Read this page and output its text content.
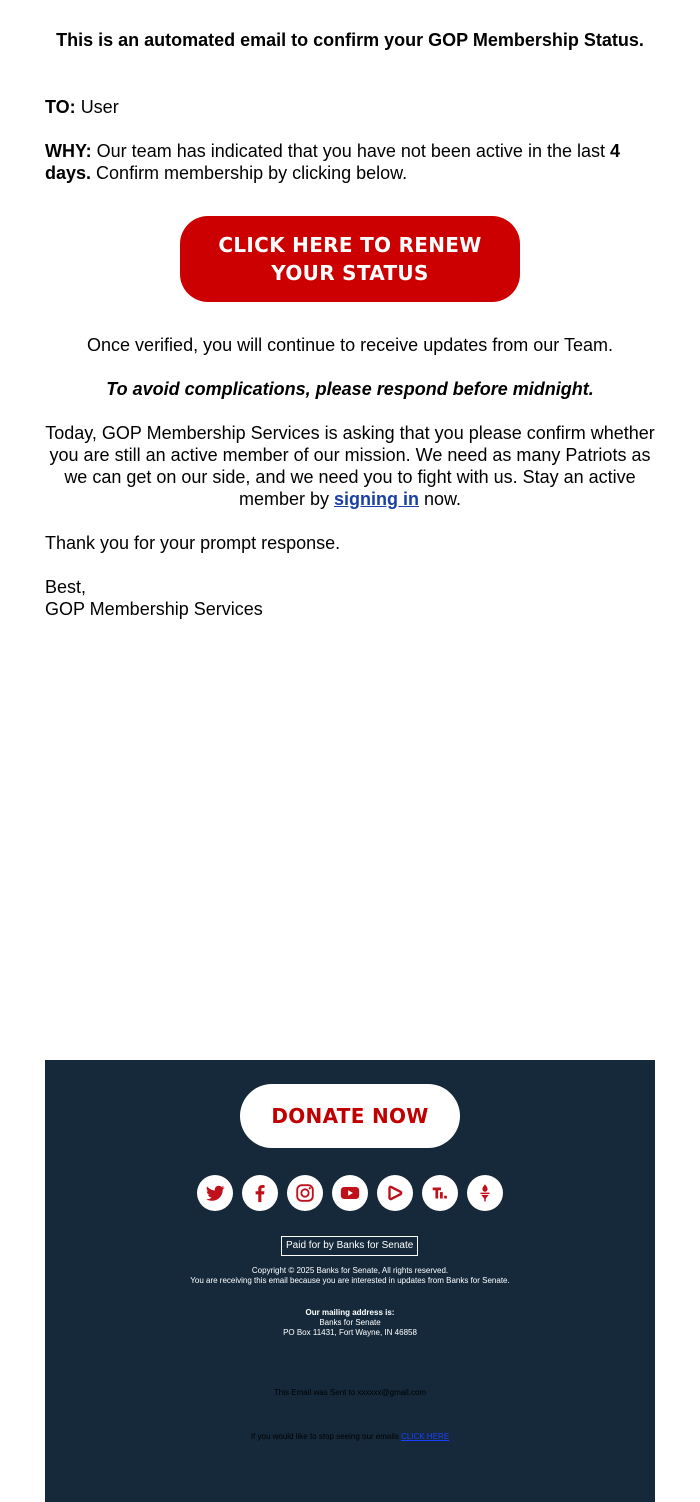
This is an automated email to confirm your GOP Membership Status.
TO: User
WHY: Our team has indicated that you have not been active in the last 4 days. Confirm membership by clicking below.
CLICK HERE TO RENEW YOUR STATUS
Once verified, you will continue to receive updates from our Team.
To avoid complications, please respond before midnight.
Today, GOP Membership Services is asking that you please confirm whether
you are still an active member of our mission. We need as many Patriots as
we can get on our side, and we need you to fight with us. Stay an active
member by signing in now.
Thank you for your prompt response.
Best,
GOP Membership Services
DONATE NOW
Paid for by Banks for Senate
Copyright © 2025 Banks for Senate, All rights reserved.
You are receiving this email because you are interested in updates from Banks for Senate.
Our mailing address is:
Banks for Senate
PO Box 11431, Fort Wayne, IN 46858
This Email was Sent to xxxxxx@gmail.com
If you would like to stop seeing our emails CLICK HERE
